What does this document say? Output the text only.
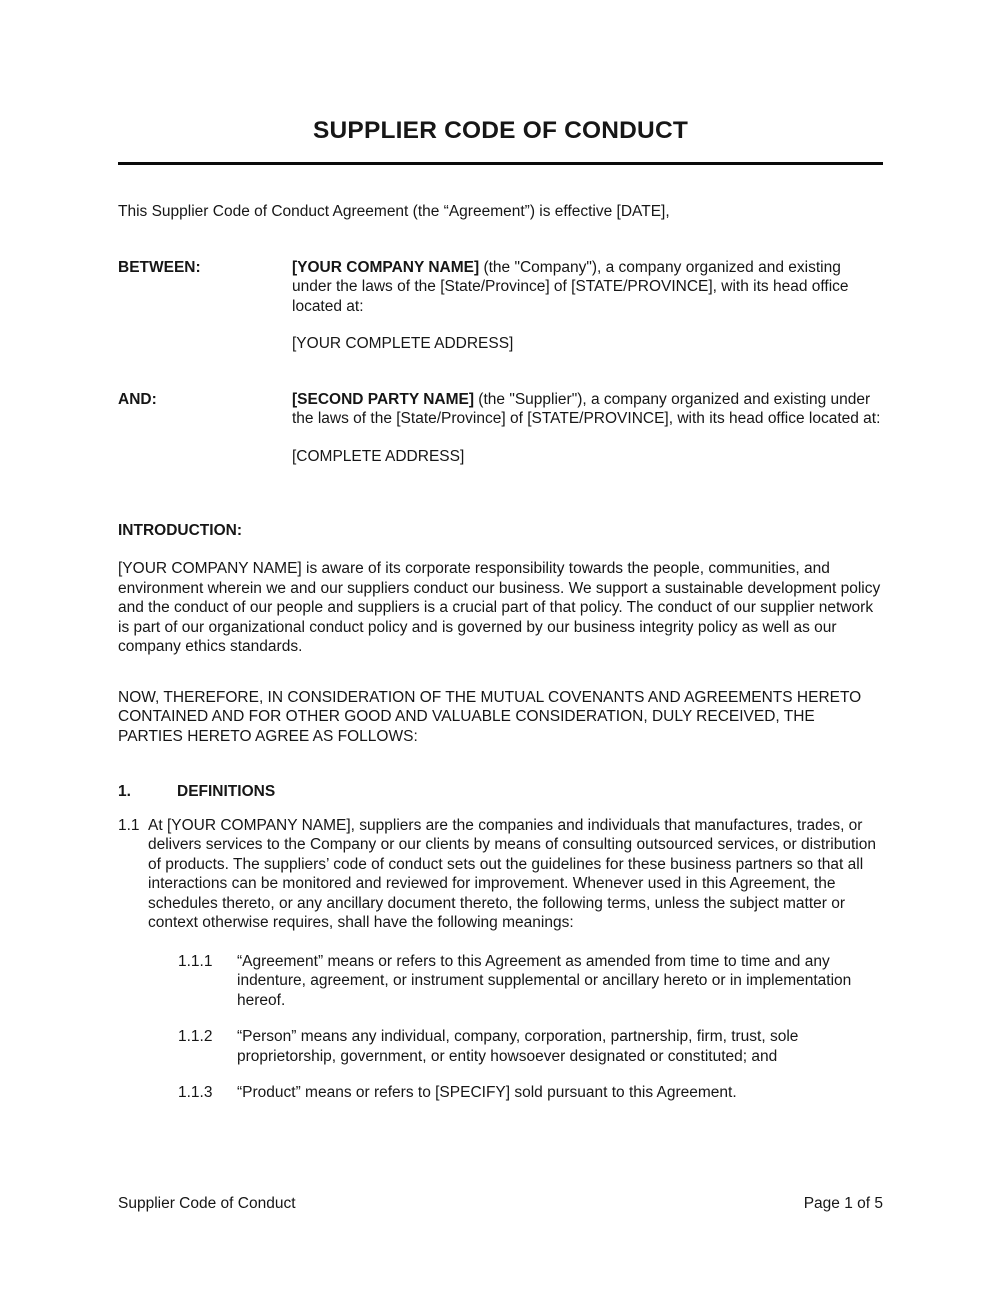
SUPPLIER CODE OF CONDUCT

This Supplier Code of Conduct Agreement (the “Agreement”) is effective [DATE],

BETWEEN:	[YOUR COMPANY NAME] (the "Company"), a company organized and existing under the laws of the [State/Province] of [STATE/PROVINCE], with its head office located at:

[YOUR COMPLETE ADDRESS]

AND:	[SECOND PARTY NAME] (the "Supplier"), a company organized and existing under the laws of the [State/Province] of [STATE/PROVINCE], with its head office located at:

[COMPLETE ADDRESS]

INTRODUCTION:

[YOUR COMPANY NAME] is aware of its corporate responsibility towards the people, communities, and environment wherein we and our suppliers conduct our business. We support a sustainable development policy and the conduct of our people and suppliers is a crucial part of that policy. The conduct of our supplier network is part of our organizational conduct policy and is governed by our business integrity policy as well as our company ethics standards.

NOW, THEREFORE, IN CONSIDERATION OF THE MUTUAL COVENANTS AND AGREEMENTS HERETO CONTAINED AND FOR OTHER GOOD AND VALUABLE CONSIDERATION, DULY RECEIVED, THE PARTIES HERETO AGREE AS FOLLOWS:

1.	DEFINITIONS
1.1 At [YOUR COMPANY NAME], suppliers are the companies and individuals that manufactures, trades, or delivers services to the Company or our clients by means of consulting outsourced services, or distribution of products. The suppliers’ code of conduct sets out the guidelines for these business partners so that all interactions can be monitored and reviewed for improvement. Whenever used in this Agreement, the schedules thereto, or any ancillary document thereto, the following terms, unless the subject matter or context otherwise requires, shall have the following meanings:

1.1.1	“Agreement” means or refers to this Agreement as amended from time to time and any indenture, agreement, or instrument supplemental or ancillary hereto or in implementation hereof.

1.1.2	“Person” means any individual, company, corporation, partnership, firm, trust, sole proprietorship, government, or entity howsoever designated or constituted; and

1.1.3	“Product” means or refers to [SPECIFY] sold pursuant to this Agreement.

Supplier Code of Conduct	Page 1 of 5
